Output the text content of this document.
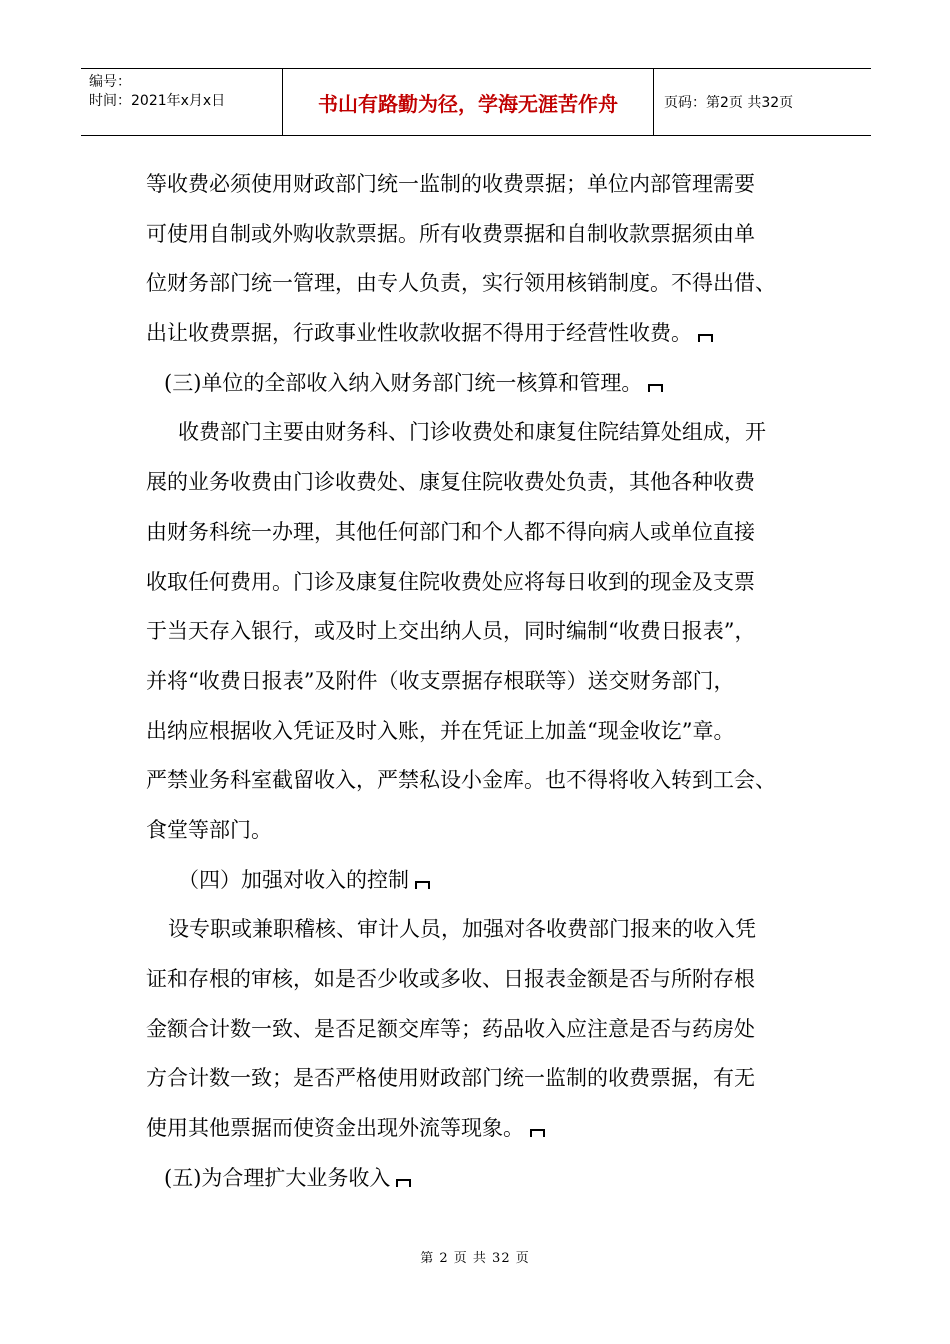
编号：
时间：2021年x月x日	书山有路勤为径，学海无涯苦作舟	页码：第2页 共32页
等收费必须使用财政部门统一监制的收费票据；单位内部管理需要
可使用自制或外购收款票据。所有收费票据和自制收款票据须由单
位财务部门统一管理，由专人负责，实行领用核销制度。不得出借、
出让收费票据，行政事业性收款收据不得用于经营性收费。
(三)单位的全部收入纳入财务部门统一核算和管理。
收费部门主要由财务科、门诊收费处和康复住院结算处组成，开
展的业务收费由门诊收费处、康复住院收费处负责，其他各种收费
由财务科统一办理，其他任何部门和个人都不得向病人或单位直接
收取任何费用。门诊及康复住院收费处应将每日收到的现金及支票
于当天存入银行，或及时上交出纳人员，同时编制“收费日报表”，
并将“收费日报表”及附件（收支票据存根联等）送交财务部门，
出纳应根据收入凭证及时入账，并在凭证上加盖“现金收讫”章。
严禁业务科室截留收入，严禁私设小金库。也不得将收入转到工会、
食堂等部门。
（四）加强对收入的控制
设专职或兼职稽核、审计人员，加强对各收费部门报来的收入凭
证和存根的审核，如是否少收或多收、日报表金额是否与所附存根
金额合计数一致、是否足额交库等；药品收入应注意是否与药房处
方合计数一致；是否严格使用财政部门统一监制的收费票据，有无
使用其他票据而使资金出现外流等现象。
(五)为合理扩大业务收入
第 2 页 共 32 页
